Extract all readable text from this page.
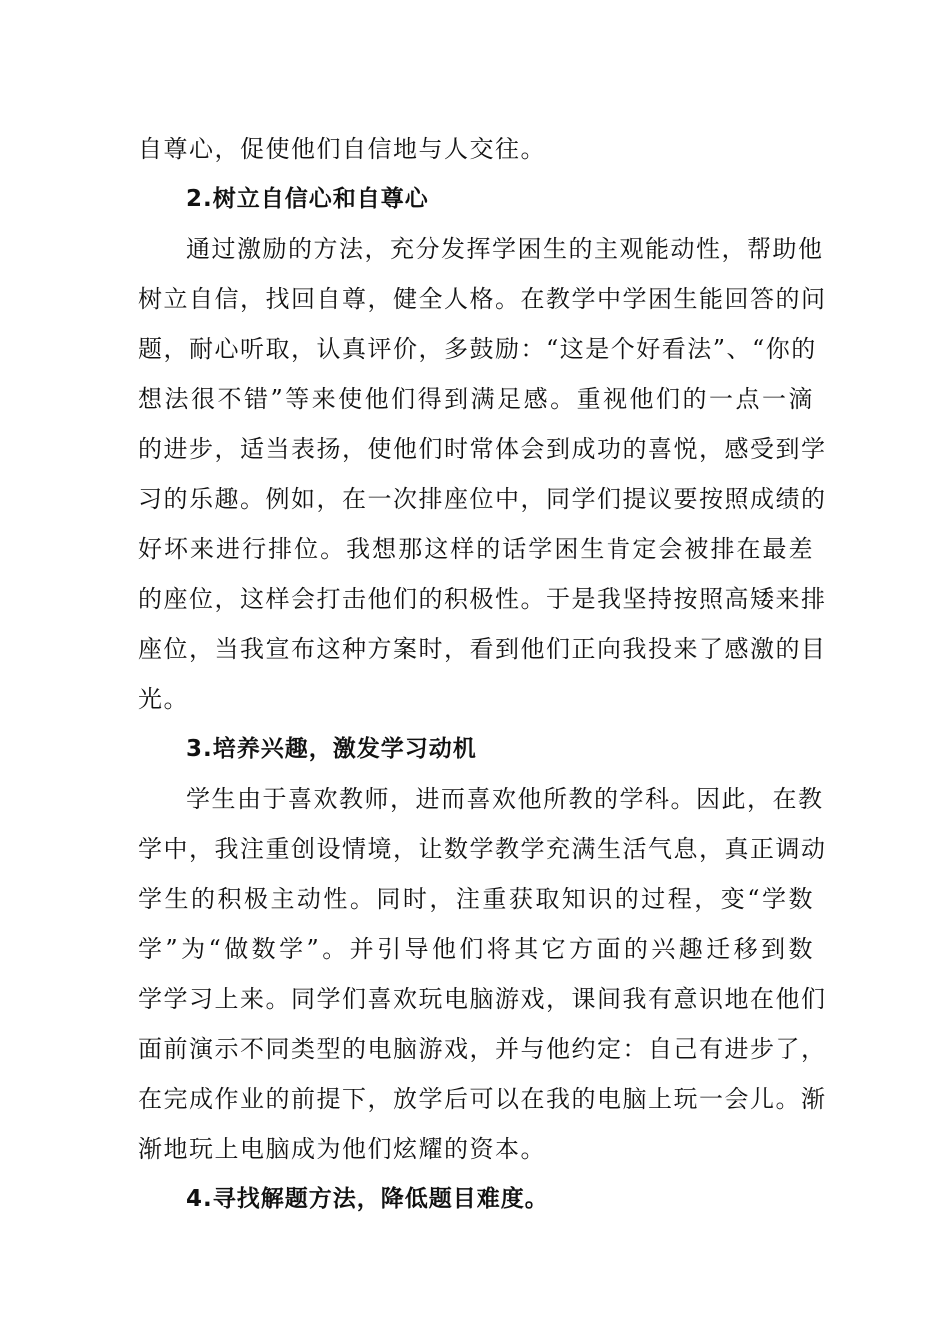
自尊心，促使他们自信地与人交往。
2.树立自信心和自尊心
通过激励的方法，充分发挥学困生的主观能动性，帮助他
树立自信，找回自尊，健全人格。在教学中学困生能回答的问
题，耐心听取，认真评价，多鼓励：“这是个好看法”、“你的
想法很不错”等来使他们得到满足感。重视他们的一点一滴
的进步，适当表扬，使他们时常体会到成功的喜悦，感受到学
习的乐趣。例如，在一次排座位中，同学们提议要按照成绩的
好坏来进行排位。我想那这样的话学困生肯定会被排在最差
的座位，这样会打击他们的积极性。于是我坚持按照高矮来排
座位，当我宣布这种方案时，看到他们正向我投来了感激的目
光。
3.培养兴趣，激发学习动机
学生由于喜欢教师，进而喜欢他所教的学科。因此，在教
学中，我注重创设情境，让数学教学充满生活气息，真正调动
学生的积极主动性。同时，注重获取知识的过程，变“学数
学”为“做数学”。并引导他们将其它方面的兴趣迁移到数
学学习上来。同学们喜欢玩电脑游戏，课间我有意识地在他们
面前演示不同类型的电脑游戏，并与他约定：自己有进步了，
在完成作业的前提下，放学后可以在我的电脑上玩一会儿。渐
渐地玩上电脑成为他们炫耀的资本。
4.寻找解题方法，降低题目难度。
